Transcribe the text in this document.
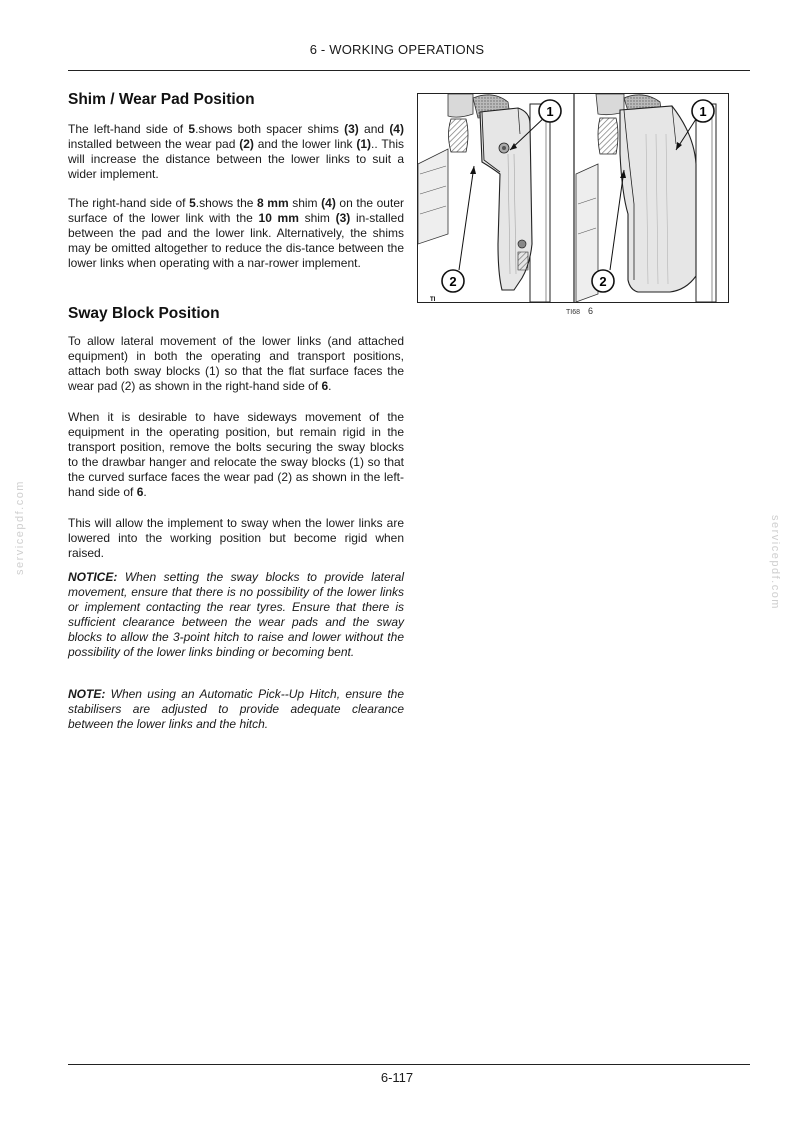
6 - WORKING OPERATIONS
servicepdf.com	servicepdf.com
Shim / Wear Pad Position

The left-hand side of 5.shows both spacer shims (3) and (4) installed between the wear pad (2) and the lower link (1).. This will increase the distance between the lower links to suit a wider implement.

The right-hand side of 5.shows the 8 mm shim (4) on the outer surface of the lower link with the 10 mm shim (3) in-stalled between the pad and the lower link. Alternatively, the shims may be omitted altogether to reduce the dis-tance between the lower links when operating with a nar-rower implement.

Sway Block Position

To allow lateral movement of the lower links (and attached equipment) in both the operating and transport positions, attach both sway blocks (1) so that the flat surface faces the wear pad (2) as shown in the right-hand side of 6.

When it is desirable to have sideways movement of the equipment in the operating position, but remain rigid in the transport position, remove the bolts securing the sway blocks to the drawbar hanger and relocate the sway blocks (1) so that the curved surface faces the wear pad (2) as shown in the left-hand side of 6.

This will allow the implement to sway when the lower links are lowered into the working position but become rigid when raised.

NOTICE: When setting the sway blocks to provide lateral movement, ensure that there is no possibility of the lower links or implement contacting the rear tyres. Ensure that there is sufficient clearance between the wear pads and the sway blocks to allow the 3-point hitch to raise and lower without the possibility of the lower links binding or becoming bent.

NOTE: When using an Automatic Pick--Up Hitch, ensure the stabilisers are adjusted to provide adequate clearance between the lower links and the hitch.

1
2
1
2
TI
TI68 6
6-117
